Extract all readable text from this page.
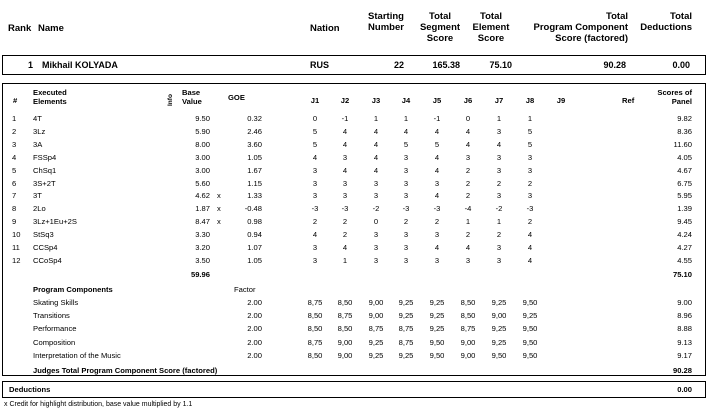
Rank Name	Nation
Starting
Number
Total
Segment
Score
Total
Element
Score
Total
Program Component
Score (factored)
Total
Deductions
1 Mikhail KOLYADA	RUS	22	165.38	75.10	90.28	0.00
#
Executed
Elements	Info
Base
Value	GOE	J1	J2	J3	J4	J5	J6	J7	J8	J9	Ref
Scores of
Panel
1 4T	9.50	0.32	0	-1	1	1	-1	0	1	1	9.82
2 3Lz	5.90	2.46	5	4	4	4	4	4	3	5	8.36
3 3A	8.00	3.60	5	4	4	5	5	4	4	5	11.60
4 FSSp4	3.00	1.05	4	3	4	3	4	3	3	3	4.05
5 ChSq1	3.00	1.67	3	4	4	3	4	2	3	3	4.67
6 3S+2T	5.60	1.15	3	3	3	3	3	2	2	2	6.75
7 3T	4.62 x	1.33	3	3	3	3	4	2	3	3	5.95
8 2Lo	1.87 x	-0.48	-3	-3	-2	-3	-3	-4	-2	-3	1.39
9 3Lz+1Eu+2S	8.47 x	0.98	2	2	0	2	2	1	1	2	9.45
10 StSq3	3.30	0.94	4	2	3	3	3	2	2	4	4.24
11 CCSp4	3.20	1.07	3	4	3	3	4	4	3	4	4.27
12 CCoSp4	3.50	1.05	3	1	3	3	3	3	3	4	4.55
59.96	75.10
Program Components	Factor
Skating Skills	2.00	8,75	8,50	9,00	9,25	9,25	8,50	9,25	9,50	9.00
Transitions	2.00	8,50	8,75	9,00	9,25	9,25	8,50	9,00	9,25	8.96
Performance	2.00	8,50	8,50	8,75	8,75	9,25	8,75	9,25	9,50	8.88
Composition	2.00	8,75	9,00	9,25	8,75	9,50	9,00	9,25	9,50	9.13
Interpretation of the Music	2.00	8,50	9,00	9,25	9,25	9,50	9,00	9,50	9,50	9.17
Judges Total Program Component Score (factored)	90.28
Deductions	0.00
x Credit for highlight distribution, base value multiplied by 1.1
